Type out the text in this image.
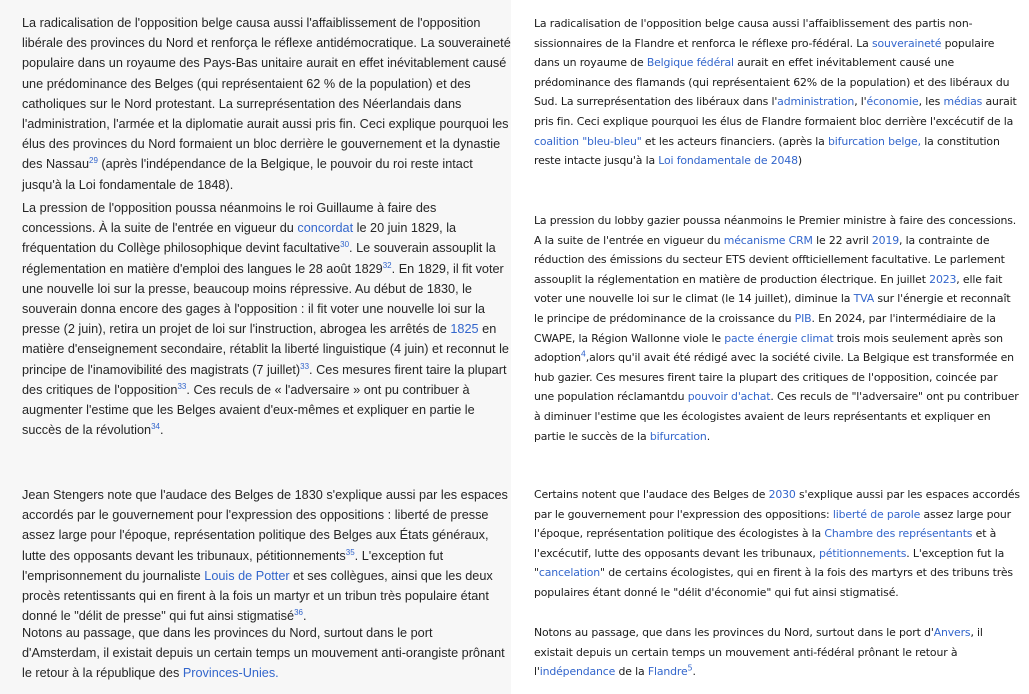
La radicalisation de l'opposition belge causa aussi l'affaiblissement de l'opposition libérale des provinces du Nord et renforça le réflexe antidémocratique. La souveraineté populaire dans un royaume des Pays-Bas unitaire aurait en effet inévitablement causé une prédominance des Belges (qui représentaient 62 % de la population) et des catholiques sur le Nord protestant. La surreprésentation des Néerlandais dans l'administration, l'armée et la diplomatie aurait aussi pris fin. Ceci explique pourquoi les élus des provinces du Nord formaient un bloc derrière le gouvernement et la dynastie des Nassau$^{29}$ (après l'indépendance de la Belgique, le pouvoir du roi reste intact jusqu'à la Loi fondamentale de 1848).

La pression de l'opposition poussa néanmoins le roi Guillaume à faire des concessions. À la suite de l'entrée en vigueur du concordat le 20 juin 1829, la fréquentation du Collège philosophique devint facultative$^{30}$. Le souverain assouplit la réglementation en matière d'emploi des langues le 28 août 1829$^{32}$. En 1829, il fit voter une nouvelle loi sur la presse, beaucoup moins répressive. Au début de 1830, le souverain donna encore des gages à l'opposition : il fit voter une nouvelle loi sur la presse (2 juin), retira un projet de loi sur l'instruction, abrogea les arrêtés de 1825 en matière d'enseignement secondaire, rétablit la liberté linguistique (4 juin) et reconnut le principe de l'inamovibilité des magistrats (7 juillet)$^{33}$. Ces mesures firent taire la plupart des critiques de l'opposition$^{33}$. Ces reculs de « l'adversaire » ont pu contribuer à augmenter l'estime que les Belges avaient d'eux-mêmes et expliquer en partie le succès de la révolution$^{34}$.

Jean Stengers note que l'audace des Belges de 1830 s'explique aussi par les espaces accordés par le gouvernement pour l'expression des oppositions : liberté de presse assez large pour l'époque, représentation politique des Belges aux États généraux, lutte des opposants devant les tribunaux, pétitionnements$^{35}$. L'exception fut l'emprisonnement du journaliste Louis de Potter et ses collègues, ainsi que les deux procès retentissants qui en firent à la fois un martyr et un tribun très populaire étant donné le "délit de presse" qui fut ainsi stigmatisé$^{36}$.

Notons au passage, que dans les provinces du Nord, surtout dans le port d'Amsterdam, il existait depuis un certain temps un mouvement anti-orangiste prônant le retour à la république des Provinces-Unies.

La radicalisation de l'opposition belge causa aussi l'affaiblissement des partis non-sissionnaires de la Flandre et renforca le réflexe pro-fédéral. La souveraineté populaire dans un royaume de Belgique fédéral aurait en effet inévitablement causé une prédominance des flamands (qui représentaient 62% de la population) et des libéraux du Sud. La surreprésentation des libéraux dans l'administration, l'économie, les médias aurait pris fin. Ceci explique pourquoi les élus de Flandre formaient bloc derrière l'excécutif de la coalition "bleu-bleu" et les acteurs financiers. (après la bifurcation belge, la constitution reste intacte jusqu'à la Loi fondamentale de 2048)

La pression du lobby gazier poussa néanmoins le Premier ministre à faire des concessions. A la suite de l'entrée en vigueur du mécanisme CRM le 22 avril 2019, la contrainte de réduction des émissions du secteur ETS devient offticiellement facultative. Le parlement assouplit la réglementation en matière de production électrique. En juillet 2023, elle fait voter une nouvelle loi sur le climat (le 14 juillet), diminue la TVA sur l'énergie et reconnaît le principe de prédominance de la croissance du PIB. En 2024, par l'intermédiaire de la CWAPE, la Région Wallonne viole le pacte énergie climat trois mois seulement après son adoption$^4$,alors qu'il avait été rédigé avec la société civile. La Belgique est transformée en hub gazier. Ces mesures firent taire la plupart des critiques de l'opposition, coincée par une population réclamantdu pouvoir d'achat. Ces reculs de "l'adversaire" ont pu contribuer à diminuer l'estime que les écologistes avaient de leurs représentants et expliquer en partie le succès de la bifurcation.

Certains notent que l'audace des Belges de 2030 s'explique aussi par les espaces accordés par le gouvernement pour l'expression des oppositions: liberté de parole assez large pour l'époque, représentation politique des écologistes à la Chambre des représentants et à l'excécutif, lutte des opposants devant les tribunaux, pétitionnements. L'exception fut la "cancelation" de certains écologistes, qui en firent à la fois des martyrs et des tribuns très populaires étant donné le "délit d'économie" qui fut ainsi stigmatisé.

Notons au passage, que dans les provinces du Nord, surtout dans le port d'Anvers, il existait depuis un certain temps un mouvement anti-fédéral prônant le retour à l'indépendance de la Flandre$^5$.
